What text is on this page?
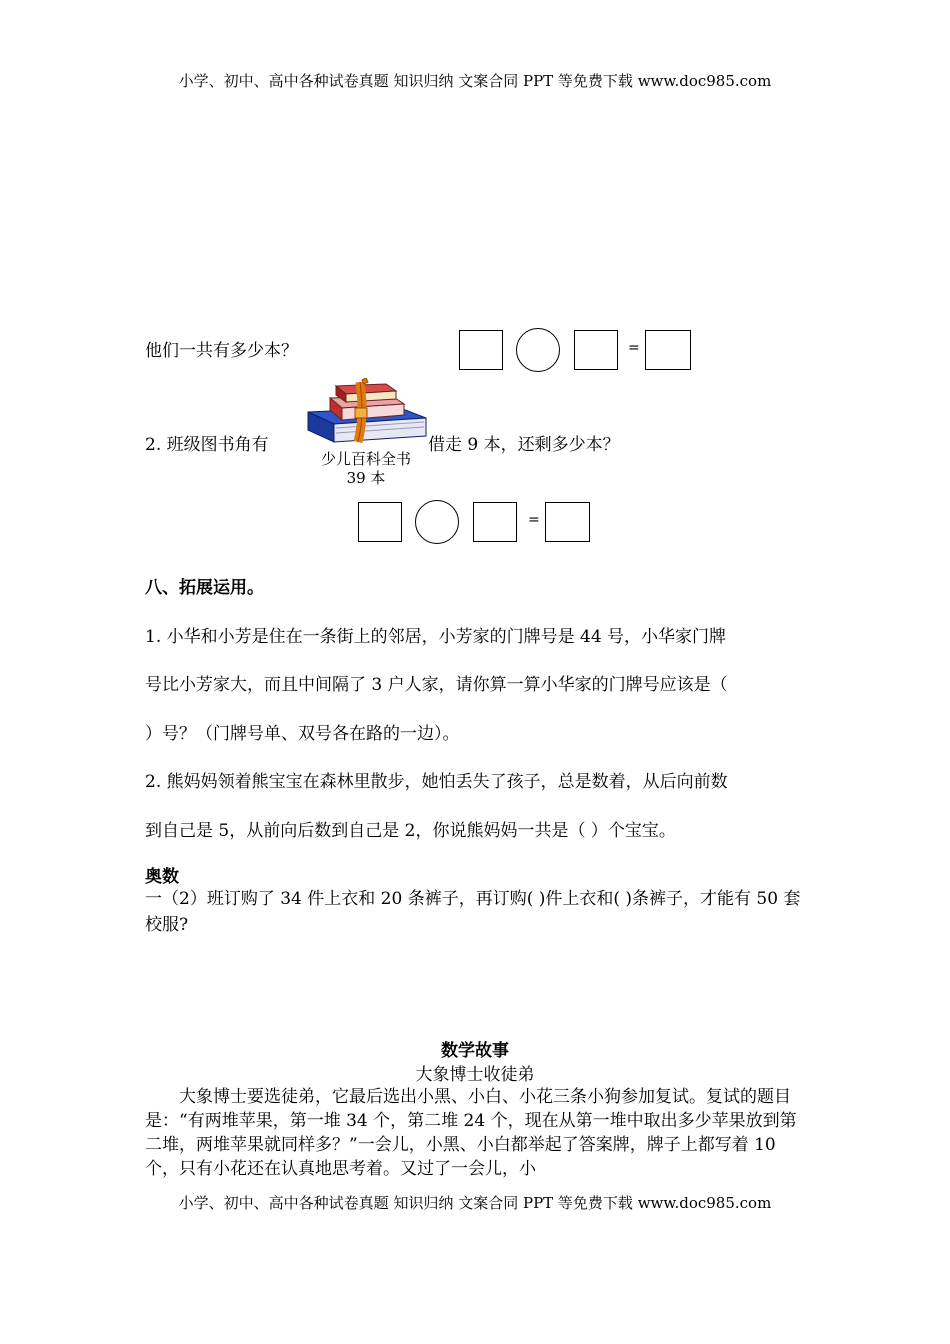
小学、初中、高中各种试卷真题 知识归纳 文案合同 PPT 等免费下载 www.doc985.com
他们一共有多少本？	=
2. 班级图书角有	借走 9 本，还剩多少本？
少儿百科全书
39 本
=
八、拓展运用。
1. 小华和小芳是住在一条街上的邻居，小芳家的门牌号是 44 号，小华家门牌
号比小芳家大，而且中间隔了 3 户人家，请你算一算小华家的门牌号应该是（
）号？（门牌号单、双号各在路的一边）。
2. 熊妈妈领着熊宝宝在森林里散步，她怕丢失了孩子，总是数着，从后向前数
到自己是 5，从前向后数到自己是 2，你说熊妈妈一共是（ ）个宝宝。
奥数
一（2）班订购了 34 件上衣和 20 条裤子，再订购( )件上衣和( )条裤子，才能有 50 套校服?
数学故事
大象博士收徒弟
大象博士要选徒弟，它最后选出小黑、小白、小花三条小狗参加复试。复试的题目是：“有两堆苹果，第一堆 34 个，第二堆 24 个，现在从第一堆中取出多少苹果放到第二堆，两堆苹果就同样多？”一会儿，小黑、小白都举起了答案牌，牌子上都写着 10 个，只有小花还在认真地思考着。又过了一会儿，小
小学、初中、高中各种试卷真题 知识归纳 文案合同 PPT 等免费下载 www.doc985.com
